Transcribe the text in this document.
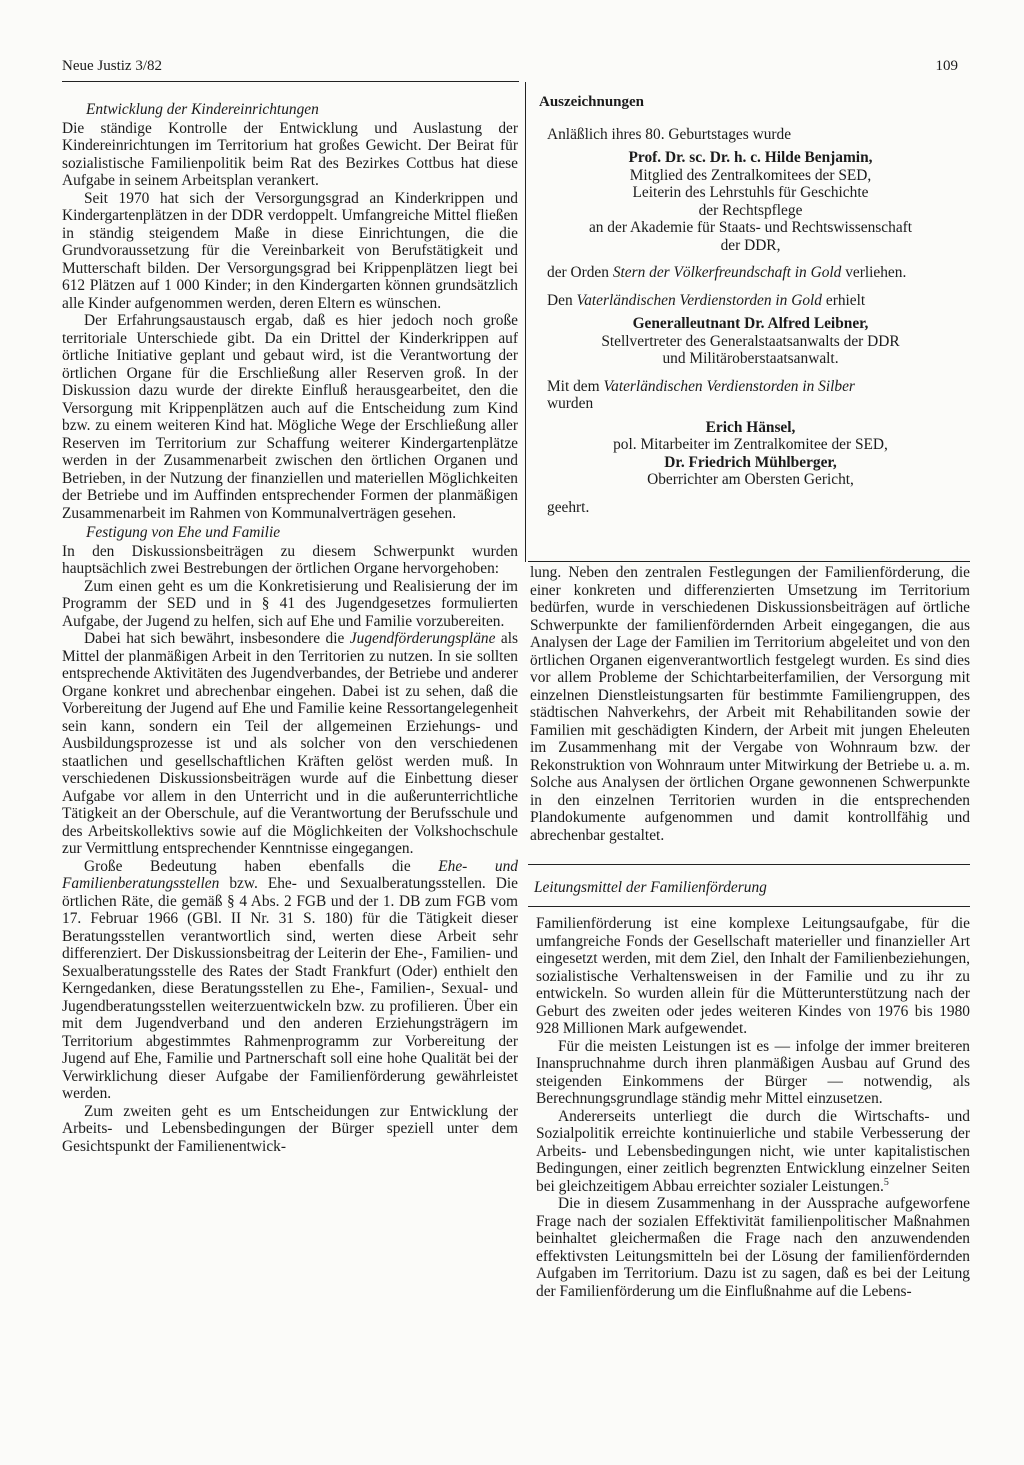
Neue Justiz 3/82	109
Entwicklung der Kindereinrichtungen

Die ständige Kontrolle der Entwicklung und Auslastung der Kindereinrichtungen im Territorium hat großes Gewicht. Der Beirat für sozialistische Familienpolitik beim Rat des Bezirkes Cottbus hat diese Aufgabe in seinem Arbeitsplan verankert.

Seit 1970 hat sich der Versorgungsgrad an Kinderkrippen und Kindergartenplätzen in der DDR verdoppelt. Umfangreiche Mittel fließen in ständig steigendem Maße in diese Einrichtungen, die die Grundvoraussetzung für die Vereinbarkeit von Berufstätigkeit und Mutterschaft bilden. Der Versorgungsgrad bei Krippenplätzen liegt bei 612 Plätzen auf 1 000 Kinder; in den Kindergarten können grundsätzlich alle Kinder aufgenommen werden, deren Eltern es wünschen.

Der Erfahrungsaustausch ergab, daß es hier jedoch noch große territoriale Unterschiede gibt. Da ein Drittel der Kinderkrippen auf örtliche Initiative geplant und gebaut wird, ist die Verantwortung der örtlichen Organe für die Erschließung aller Reserven groß. In der Diskussion dazu wurde der direkte Einfluß herausgearbeitet, den die Versorgung mit Krippenplätzen auch auf die Entscheidung zum Kind bzw. zu einem weiteren Kind hat. Mögliche Wege der Erschließung aller Reserven im Territorium zur Schaffung weiterer Kindergartenplätze werden in der Zusammenarbeit zwischen den örtlichen Organen und Betrieben, in der Nutzung der finanziellen und materiellen Möglichkeiten der Betriebe und im Auffinden entsprechender Formen der planmäßigen Zusammenarbeit im Rahmen von Kommunalverträgen gesehen.

Festigung von Ehe und Familie

In den Diskussionsbeiträgen zu diesem Schwerpunkt wurden hauptsächlich zwei Bestrebungen der örtlichen Organe hervorgehoben:

Zum einen geht es um die Konkretisierung und Realisierung der im Programm der SED und in § 41 des Jugendgesetzes formulierten Aufgabe, der Jugend zu helfen, sich auf Ehe und Familie vorzubereiten.

Dabei hat sich bewährt, insbesondere die Jugendförderungspläne als Mittel der planmäßigen Arbeit in den Territorien zu nutzen. In sie sollten entsprechende Aktivitäten des Jugendverbandes, der Betriebe und anderer Organe konkret und abrechenbar eingehen. Dabei ist zu sehen, daß die Vorbereitung der Jugend auf Ehe und Familie keine Ressortangelegenheit sein kann, sondern ein Teil der allgemeinen Erziehungs- und Ausbildungsprozesse ist und als solcher von den verschiedenen staatlichen und gesellschaftlichen Kräften gelöst werden muß. In verschiedenen Diskussionsbeiträgen wurde auf die Einbettung dieser Aufgabe vor allem in den Unterricht und in die außerunterrichtliche Tätigkeit an der Oberschule, auf die Verantwortung der Berufsschule und des Arbeitskollektivs sowie auf die Möglichkeiten der Volkshochschule zur Vermittlung entsprechender Kenntnisse eingegangen.

Große Bedeutung haben ebenfalls die Ehe- und Familienberatungsstellen bzw. Ehe- und Sexualberatungsstellen. Die örtlichen Räte, die gemäß § 4 Abs. 2 FGB und der 1. DB zum FGB vom 17. Februar 1966 (GBl. II Nr. 31 S. 180) für die Tätigkeit dieser Beratungsstellen verantwortlich sind, werten diese Arbeit sehr differenziert. Der Diskussionsbeitrag der Leiterin der Ehe-, Familien- und Sexualberatungsstelle des Rates der Stadt Frankfurt (Oder) enthielt den Kerngedanken, diese Beratungsstellen zu Ehe-, Familien-, Sexual- und Jugendberatungsstellen weiterzuentwickeln bzw. zu profilieren. Über ein mit dem Jugendverband und den anderen Erziehungsträgern im Territorium abgestimmtes Rahmenprogramm zur Vorbereitung der Jugend auf Ehe, Familie und Partnerschaft soll eine hohe Qualität bei der Verwirklichung dieser Aufgabe der Familienförderung gewährleistet werden.

Zum zweiten geht es um Entscheidungen zur Entwicklung der Arbeits- und Lebensbedingungen der Bürger speziell unter dem Gesichtspunkt der Familienentwick-

Auszeichnungen

Anläßlich ihres 80. Geburtstages wurde

Prof. Dr. sc. Dr. h. c. Hilde Benjamin,
Mitglied des Zentralkomitees der SED,
Leiterin des Lehrstuhls für Geschichte
der Rechtspflege
an der Akademie für Staats- und Rechtswissenschaft
der DDR,

der Orden Stern der Völkerfreundschaft in Gold verliehen.

Den Vaterländischen Verdienstorden in Gold erhielt

Generalleutnant Dr. Alfred Leibner,
Stellvertreter des Generalstaatsanwalts der DDR
und Militäroberstaatsanwalt.

Mit dem Vaterländischen Verdienstorden in Silber

wurden

Erich Hänsel,
pol. Mitarbeiter im Zentralkomitee der SED,
Dr. Friedrich Mühlberger,
Oberrichter am Obersten Gericht,

geehrt.

lung. Neben den zentralen Festlegungen der Familienförderung, die einer konkreten und differenzierten Umsetzung im Territorium bedürfen, wurde in verschiedenen Diskussionsbeiträgen auf örtliche Schwerpunkte der familienfördernden Arbeit eingegangen, die aus Analysen der Lage der Familien im Territorium abgeleitet und von den örtlichen Organen eigenverantwortlich festgelegt wurden. Es sind dies vor allem Probleme der Schichtarbeiterfamilien, der Versorgung mit einzelnen Dienstleistungsarten für bestimmte Familiengruppen, des städtischen Nahverkehrs, der Arbeit mit Rehabilitanden sowie der Familien mit geschädigten Kindern, der Arbeit mit jungen Eheleuten im Zusammenhang mit der Vergabe von Wohnraum bzw. der Rekonstruktion von Wohnraum unter Mitwirkung der Betriebe u. a. m. Solche aus Analysen der örtlichen Organe gewonnenen Schwerpunkte in den einzelnen Territorien wurden in die entsprechenden Plandokumente aufgenommen und damit kontrollfähig und abrechenbar gestaltet.

Leitungsmittel der Familienförderung

Familienförderung ist eine komplexe Leitungsaufgabe, für die umfangreiche Fonds der Gesellschaft materieller und finanzieller Art eingesetzt werden, mit dem Ziel, den Inhalt der Familienbeziehungen, sozialistische Verhaltensweisen in der Familie und zu ihr zu entwickeln. So wurden allein für die Mütterunterstützung nach der Geburt des zweiten oder jedes weiteren Kindes von 1976 bis 1980 928 Millionen Mark aufgewendet.

Für die meisten Leistungen ist es — infolge der immer breiteren Inanspruchnahme durch ihren planmäßigen Ausbau auf Grund des steigenden Einkommens der Bürger — notwendig, als Berechnungsgrundlage ständig mehr Mittel einzusetzen.

Andererseits unterliegt die durch die Wirtschafts- und Sozialpolitik erreichte kontinuierliche und stabile Verbesserung der Arbeits- und Lebensbedingungen nicht, wie unter kapitalistischen Bedingungen, einer zeitlich begrenzten Entwicklung einzelner Seiten bei gleichzeitigem Abbau erreichter sozialer Leistungen.$^5$

Die in diesem Zusammenhang in der Aussprache aufgeworfene Frage nach der sozialen Effektivität familienpolitischer Maßnahmen beinhaltet gleichermaßen die Frage nach den anzuwendenden effektivsten Leitungsmitteln bei der Lösung der familienfördernden Aufgaben im Territorium. Dazu ist zu sagen, daß es bei der Leitung der Familienförderung um die Einflußnahme auf die Lebens-
